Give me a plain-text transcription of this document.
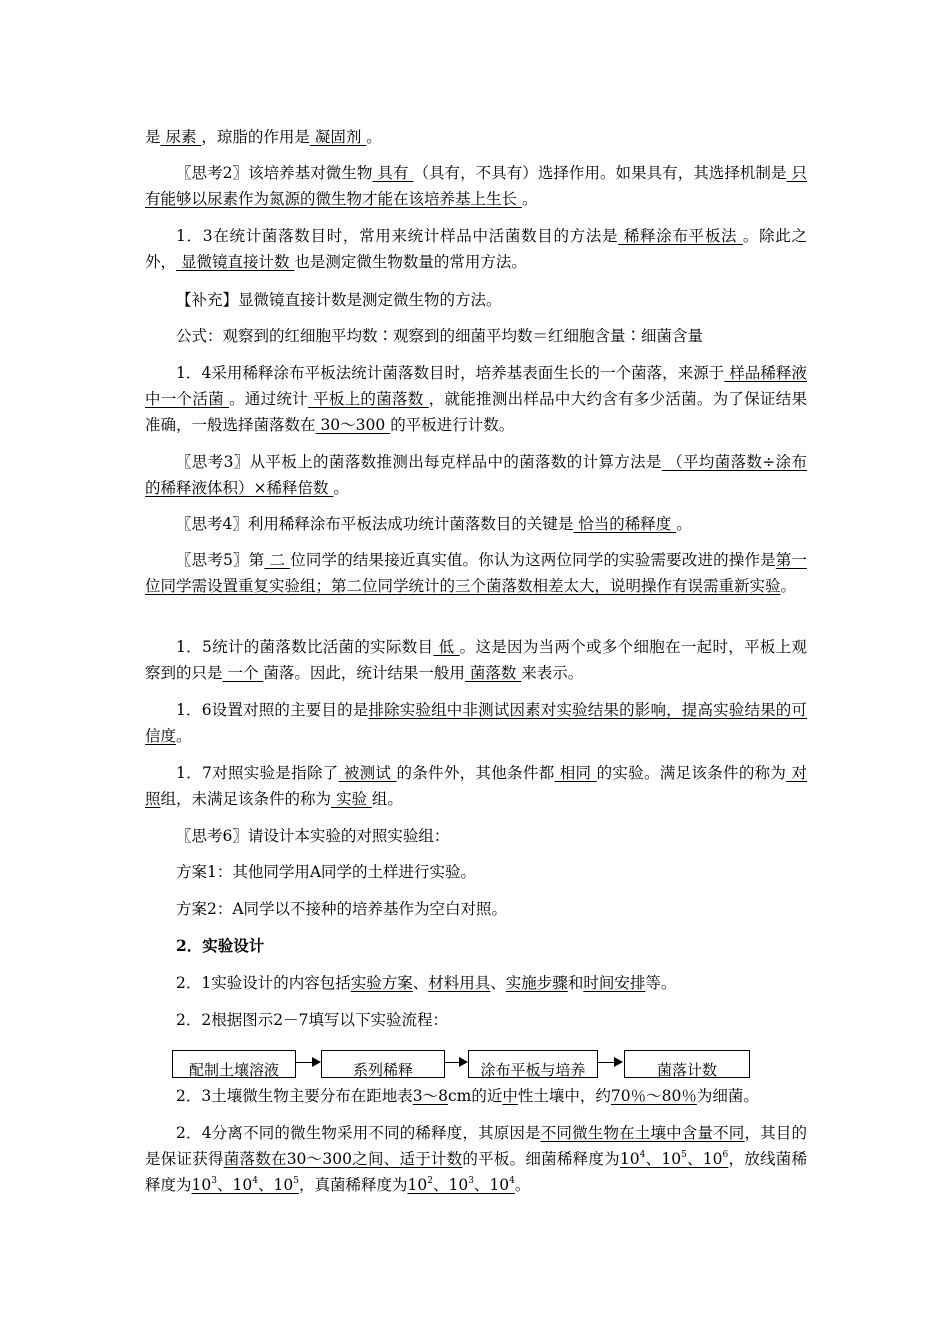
是 尿素 ，琼脂的作用是 凝固剂 。
〖思考2〗该培养基对微生物 具有 （具有，不具有）选择作用。如果具有，其选择机制是 只有能够以尿素作为氮源的微生物才能在该培养基上生长 。
1．3在统计菌落数目时，常用来统计样品中活菌数目的方法是 稀释涂布平板法 。除此之外， 显微镜直接计数 也是测定微生物数量的常用方法。
【补充】显微镜直接计数是测定微生物的方法。
公式：观察到的红细胞平均数∶观察到的细菌平均数＝红细胞含量∶细菌含量
1．4采用稀释涂布平板法统计菌落数目时，培养基表面生长的一个菌落，来源于 样品稀释液中一个活菌 。通过统计 平板上的菌落数 ，就能推测出样品中大约含有多少活菌。为了保证结果准确，一般选择菌落数在 30～300 的平板进行计数。
〖思考3〗从平板上的菌落数推测出每克样品中的菌落数的计算方法是 （平均菌落数÷涂布的稀释液体积）×稀释倍数 。
〖思考4〗利用稀释涂布平板法成功统计菌落数目的关键是 恰当的稀释度 。
〖思考5〗第 二 位同学的结果接近真实值。你认为这两位同学的实验需要改进的操作是第一位同学需设置重复实验组；第二位同学统计的三个菌落数相差太大，说明操作有误需重新实验。
1．5统计的菌落数比活菌的实际数目 低 。这是因为当两个或多个细胞在一起时，平板上观察到的只是 一个 菌落。因此，统计结果一般用 菌落数 来表示。
1．6设置对照的主要目的是排除实验组中非测试因素对实验结果的影响，提高实验结果的可信度。
1．7对照实验是指除了 被测试 的条件外，其他条件都 相同 的实验。满足该条件的称为 对照组，未满足该条件的称为 实验 组。
〖思考6〗请设计本实验的对照实验组：
方案1：其他同学用A同学的土样进行实验。
方案2：A同学以不接种的培养基作为空白对照。
2．实验设计
2．1实验设计的内容包括实验方案、材料用具、实施步骤和时间安排等。
2．2根据图示2－7填写以下实验流程：
配制土壤溶液	系列稀释	涂布平板与培养	菌落计数
2．3土壤微生物主要分布在距地表3～8cm的近中性土壤中，约70％～80％为细菌。
2．4分离不同的微生物采用不同的稀释度，其原因是不同微生物在土壤中含量不同，其目的是保证获得菌落数在30～300之间、适于计数的平板。细菌稀释度为$10^4$、$10^5$、$10^6$，放线菌稀释度为$10^3$、$10^4$、$10^5$，真菌稀释度为$10^2$、$10^3$、$10^4$。
